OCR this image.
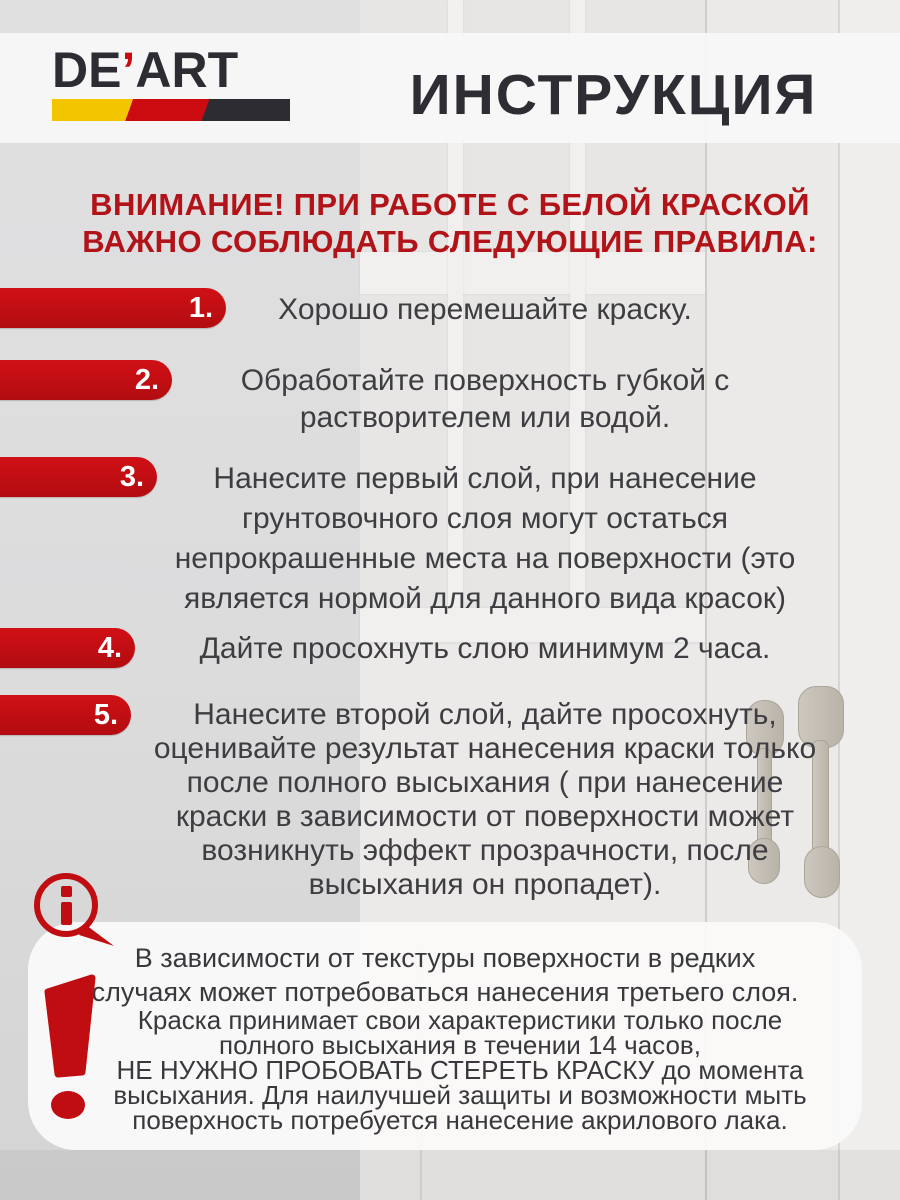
DE’ART	ИНСТРУКЦИЯ
ВНИМАНИЕ! ПРИ РАБОТЕ С БЕЛОЙ КРАСКОЙ
ВАЖНО СОБЛЮДАТЬ СЛЕДУЮЩИЕ ПРАВИЛА:
1.	Хорошо перемешайте краску.
2.	Обработайте поверхность губкой с
растворителем или водой.
3.	Нанесите первый слой, при нанесение
грунтовочного слоя могут остаться
непрокрашенные места на поверхности (это
является нормой для данного вида красок)
4.	Дайте просохнуть слою минимум 2 часа.
5.	Нанесите второй слой, дайте просохнуть,
оценивайте результат нанесения краски только
после полного высыхания ( при нанесение
краски в зависимости от поверхности может
возникнуть эффект прозрачности, после
высыхания он пропадет).
В зависимости от текстуры поверхности в редких
случаях может потребоваться нанесения третьего слоя.
Краска принимает свои характеристики только после
полного высыхания в течении 14 часов,
НЕ НУЖНО ПРОБОВАТЬ СТЕРЕТЬ КРАСКУ до момента
высыхания. Для наилучшей защиты и возможности мыть
поверхность потребуется нанесение акрилового лака.
